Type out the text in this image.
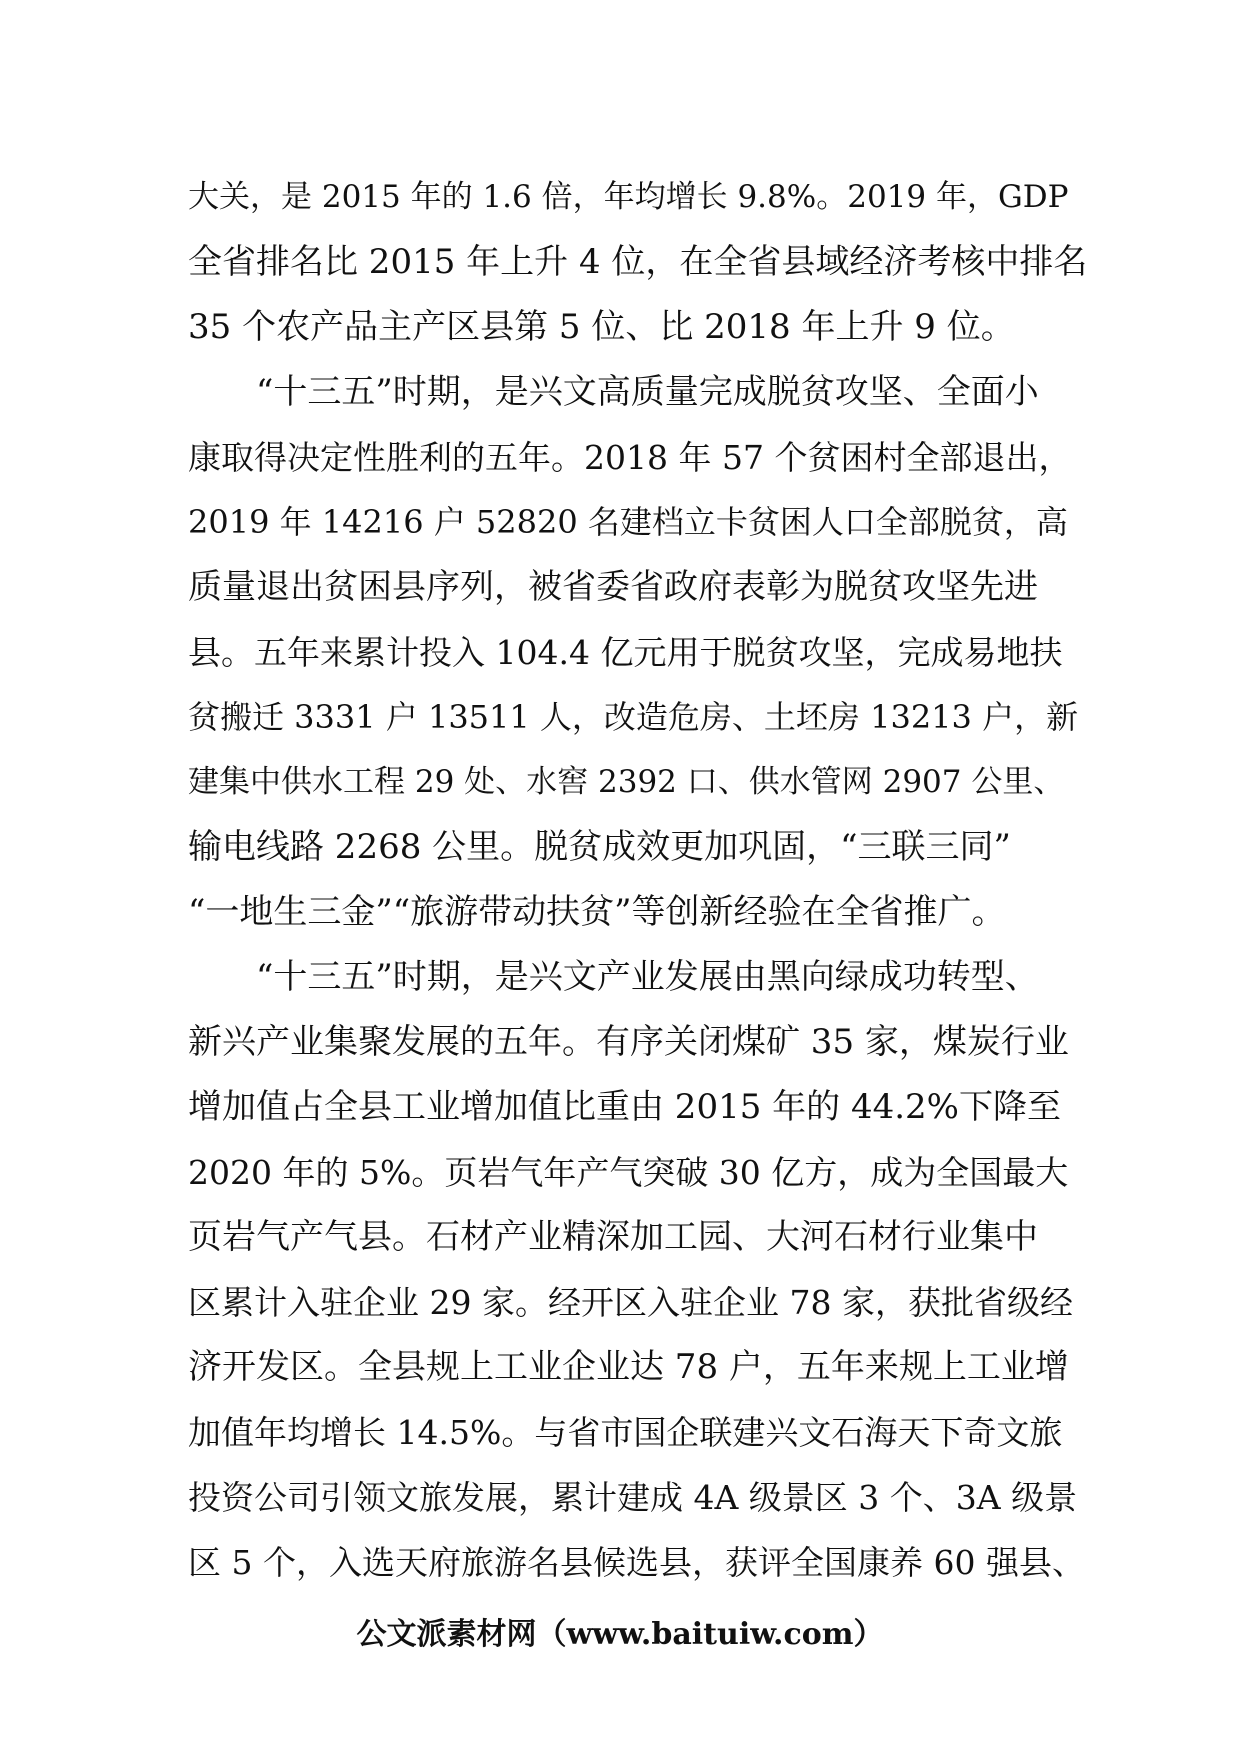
大关，是 2015 年的 1.6 倍，年均增长 9.8%。2019 年，GDP
全省排名比 2015 年上升 4 位，在全省县域经济考核中排名
35 个农产品主产区县第 5 位、比 2018 年上升 9 位。
“十三五”时期，是兴文高质量完成脱贫攻坚、全面小
康取得决定性胜利的五年。2018 年 57 个贫困村全部退出，
2019 年 14216 户 52820 名建档立卡贫困人口全部脱贫，高
质量退出贫困县序列，被省委省政府表彰为脱贫攻坚先进
县。五年来累计投入 104.4 亿元用于脱贫攻坚，完成易地扶
贫搬迁 3331 户 13511 人，改造危房、土坯房 13213 户，新
建集中供水工程 29 处、水窖 2392 口、供水管网 2907 公里、
输电线路 2268 公里。脱贫成效更加巩固，“三联三同”
“一地生三金”“旅游带动扶贫”等创新经验在全省推广。
“十三五”时期，是兴文产业发展由黑向绿成功转型、
新兴产业集聚发展的五年。有序关闭煤矿 35 家，煤炭行业
增加值占全县工业增加值比重由 2015 年的 44.2%下降至
2020 年的 5%。页岩气年产气突破 30 亿方，成为全国最大
页岩气产气县。石材产业精深加工园、大河石材行业集中
区累计入驻企业 29 家。经开区入驻企业 78 家，获批省级经
济开发区。全县规上工业企业达 78 户，五年来规上工业增
加值年均增长 14.5%。与省市国企联建兴文石海天下奇文旅
投资公司引领文旅发展，累计建成 4A 级景区 3 个、3A 级景
区 5 个，入选天府旅游名县候选县，获评全国康养 60 强县、
公文派素材网（www.baituiw.com）
